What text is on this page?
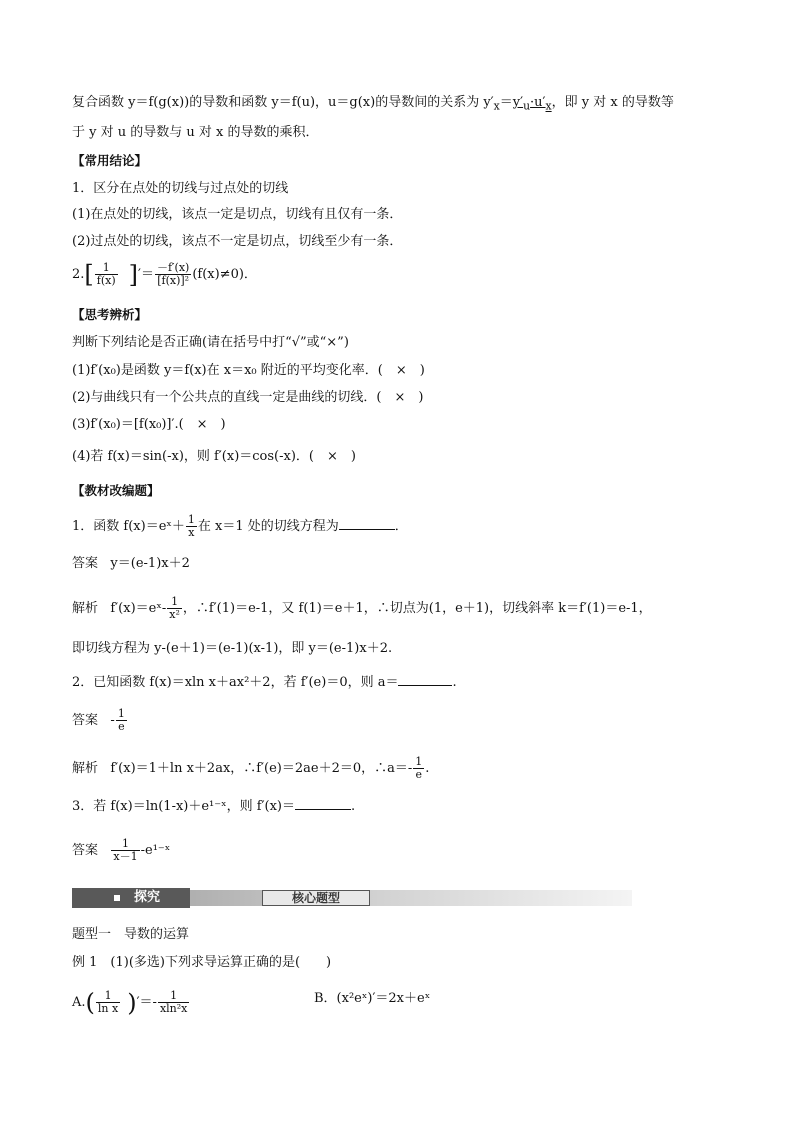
复合函数 y＝f(g(x))的导数和函数 y＝f(u)，u＝g(x)的导数间的关系为 $y'_x=y'_u\cdot u'_x$，即 y 对 x 的导数等
于 y 对 u 的导数与 u 对 x 的导数的乘积．
【常用结论】
1．区分在点处的切线与过点处的切线
(1)在点处的切线，该点一定是切点，切线有且仅有一条．
(2)过点处的切线，该点不一定是切点，切线至少有一条．
$2.[ \frac{1}{f(x)}$ ]′＝ $\frac{-f'(x)}{\text{[f(x)]²}} (f(x)\ne 0)$．
【思考辨析】
判断下列结论是否正确(请在括号中打“√”或“×”)
(1)f′(x₀)是函数 y＝f(x)在 x＝x₀ 附近的平均变化率．(　×　)
(2)与曲线只有一个公共点的直线一定是曲线的切线．(　×　)
(3)f′(x₀)＝[f(x₀)]′.(　×　)
(4)若 f(x)＝sin(-x)，则 f′(x)＝cos(-x)．(　×　)
【教材改编题】
1．函数 f(x)＝eˣ＋ $\frac{1}{x}$ 在 x＝1 处的切线方程为	．
答案 y＝(e-1)x＋2
解析 f′(x)＝eˣ- $\frac{1}{\text{x²}}$ ，∴f′(1)＝e-1，又 f(1)＝e＋1，∴切点为(1，e＋1)，切线斜率 k＝f′(1)＝e-1，
即切线方程为 y-(e＋1)＝(e-1)(x-1)，即 y＝(e-1)x＋2.
2．已知函数 f(x)＝xln x＋ax²＋2，若 f′(e)＝0，则 a＝	.
答案 - $\frac{1}{e}$
解析 f′(x)＝1＋ln x＋2ax，∴f′(e)＝2ae＋2＝0，∴a＝- $\frac{1}{e}$ .
3．若 f(x)＝ln(1-x)＋e¹⁻ˣ，则 f′(x)＝	.
答案 $\frac{1}{x-1}$ -e¹⁻ˣ
探究	核心题型
题型一　导数的运算
例 1　(1)(多选)下列求导运算正确的是(　　)
$A.( \frac{1}{\text{ln x}}$ )′＝- $\frac{1}{\text{xln²x}}$	B．(x²eˣ)′＝2x＋eˣ
